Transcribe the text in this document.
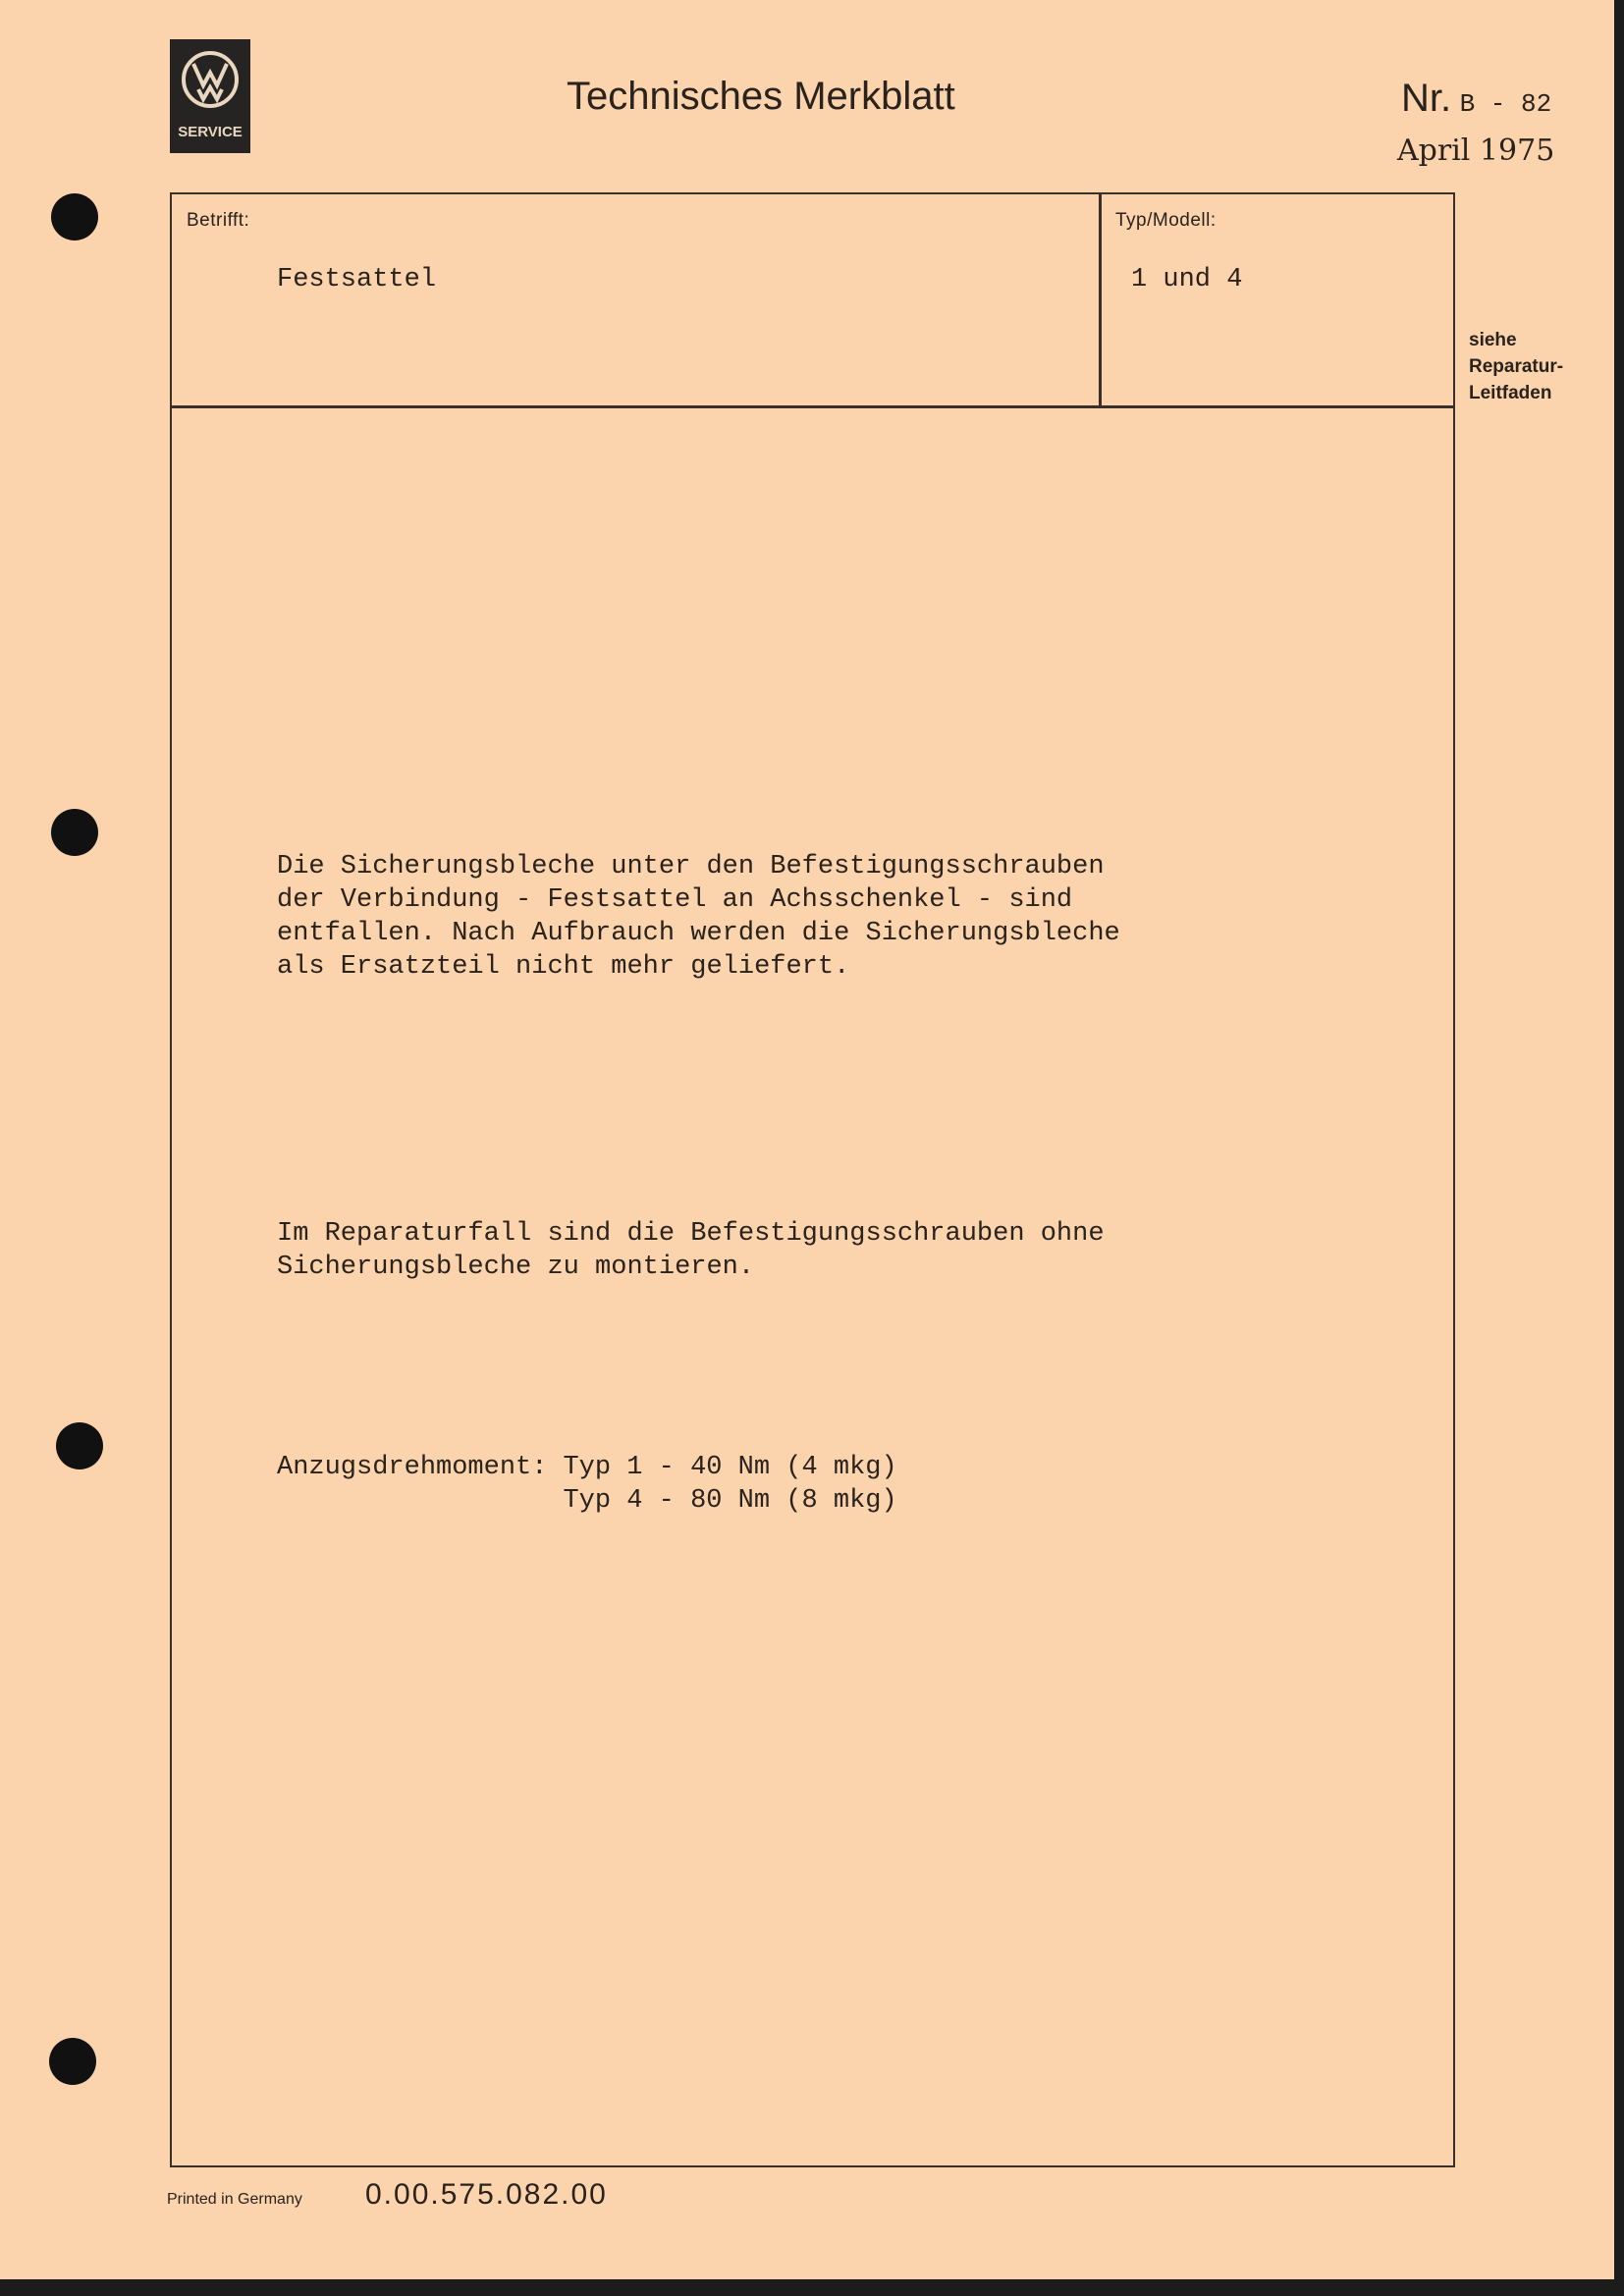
SERVICE
Technisches Merkblatt	Nr. B - 82
April 1975
Betrifft:
Festsattel
Typ/Modell:
1 und 4
siehe
Reparatur-
Leitfaden

Die Sicherungsbleche unter den Befestigungsschrauben
der Verbindung - Festsattel an Achsschenkel - sind
entfallen. Nach Aufbrauch werden die Sicherungsbleche
als Ersatzteil nicht mehr geliefert.

Im Reparaturfall sind die Befestigungsschrauben ohne
Sicherungsbleche zu montieren.

Anzugsdrehmoment:	Typ 1 - 40 Nm (4 mkg)
	Typ 4 - 80 Nm (8 mkg)

Printed in Germany 0.00.575.082.00
